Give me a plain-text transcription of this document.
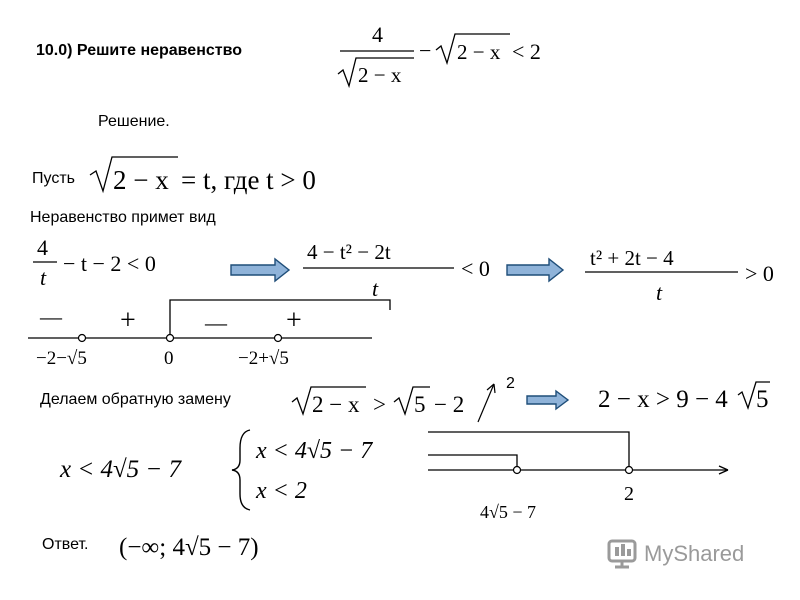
10.0) Решите неравенство
Решение.
Пусть
Неравенство примет вид
Делаем обратную замену
Ответ.
4
2 − x
− 2 − x < 2
2 − x = t, где t > 0
4
t
− t − 2 < 0	4 − t² − 2t
t
< 0	t² + 2t − 4
t
> 0
— +	— +
−2−√5	0	−2+√5
2 − x > 5 − 2
2
2 − x > 9 − 4 5
x < 4√5 − 7
x < 4√5 − 7
x < 2
4√5 − 7
2
(−∞; 4√5 − 7)	MyShared
